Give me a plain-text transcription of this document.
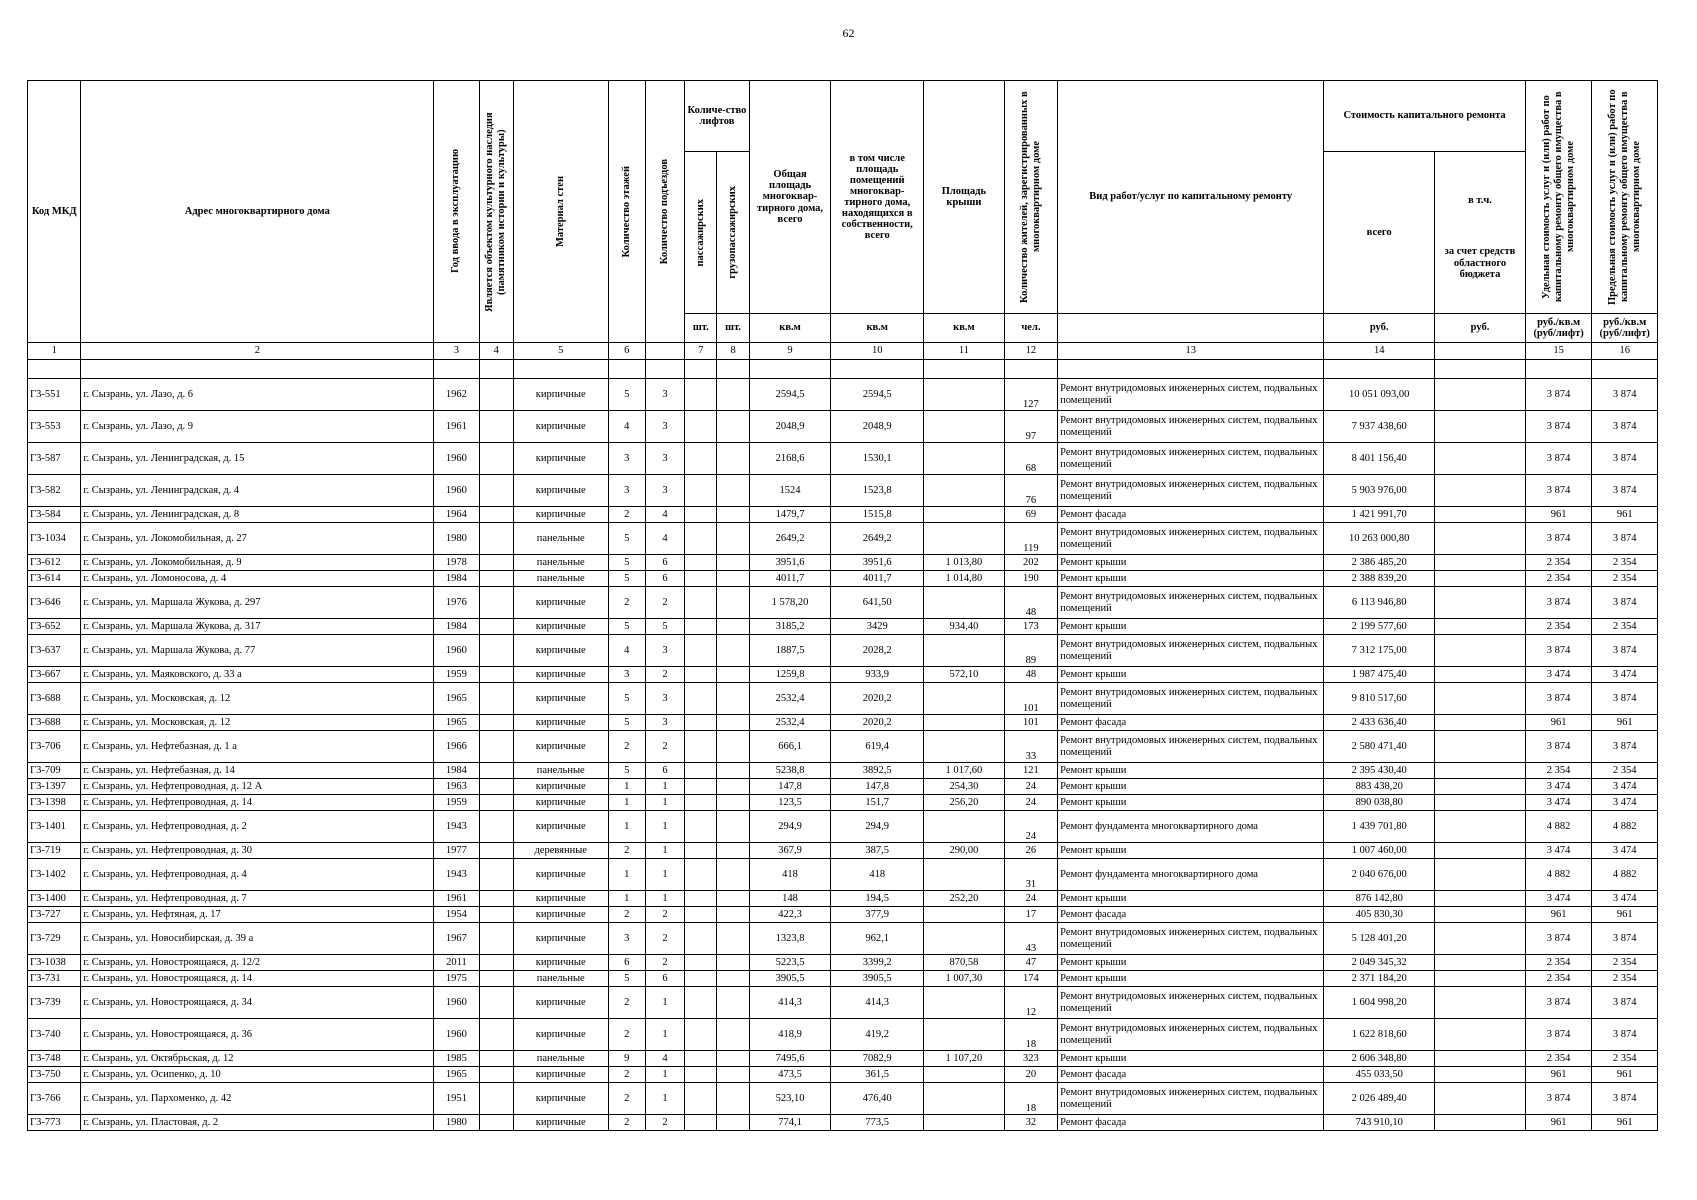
62
Код МКД	Адрес многоквартирного дома	Год ввода в эксплуатацию	Является объектом культурного наследия (памятником истории и культуры)	Материал стен	Количество этажей	Количество подъездов	Количе-ство лифтов		Общая площадь многоквар-тирного дома, всего	в том числе площадь помещений многоквар-тирного дома, находящихся в собственности, всего	Площадь крыши	Количество жителей, зарегистрированных в многоквартирном доме	Вид работ/услуг по капитальному ремонту	Стоимость капитального ремонта		Удельная стоимость услуг и (или) работ по капитальному ремонту общего имущества в многоквартирном доме	Предельная стоимость услуг и (или) работ по капитальному ремонту общего имущества в многоквартирном доме

							пассажирских	грузопассажирских						всего	в т.ч.
за счет средств областного бюджета		

							шт.	шт.	кв.м	кв.м	кв.м	чел.		руб.	руб.	руб./кв.м (руб/лифт)	руб./кв.м (руб/лифт)
1	2	3	4	5	6		7	8	9	10	11	12	13	14		15	16

Г3-551	г. Сызрань, ул. Лазо, д. 6	1962		кирпичные	5	3			2594,5	2594,5		127	Ремонт внутридомовых инженерных систем, подвальных помещений	10 051 093,00		3 874	3 874
Г3-553	г. Сызрань, ул. Лазо, д. 9	1961		кирпичные	4	3			2048,9	2048,9		97	Ремонт внутридомовых инженерных систем, подвальных помещений	7 937 438,60		3 874	3 874
Г3-587	г. Сызрань, ул. Ленинградская, д. 15	1960		кирпичные	3	3			2168,6	1530,1		68	Ремонт внутридомовых инженерных систем, подвальных помещений	8 401 156,40		3 874	3 874
Г3-582	г. Сызрань, ул. Ленинградская, д. 4	1960		кирпичные	3	3			1524	1523,8		76	Ремонт внутридомовых инженерных систем, подвальных помещений	5 903 976,00		3 874	3 874
Г3-584	г. Сызрань, ул. Ленинградская, д. 8	1964		кирпичные	2	4			1479,7	1515,8		69	Ремонт фасада	1 421 991,70		961	961
Г3-1034	г. Сызрань, ул. Локомобильная, д. 27	1980		панельные	5	4			2649,2	2649,2		119	Ремонт внутридомовых инженерных систем, подвальных помещений	10 263 000,80		3 874	3 874
Г3-612	г. Сызрань, ул. Локомобильная, д. 9	1978		панельные	5	6			3951,6	3951,6	1 013,80	202	Ремонт крыши	2 386 485,20		2 354	2 354
Г3-614	г. Сызрань, ул. Ломоносова, д. 4	1984		панельные	5	6			4011,7	4011,7	1 014,80	190	Ремонт крыши	2 388 839,20		2 354	2 354
Г3-646	г. Сызрань, ул. Маршала Жукова, д. 297	1976		кирпичные	2	2			1 578,20	641,50		48	Ремонт внутридомовых инженерных систем, подвальных помещений	6 113 946,80		3 874	3 874
Г3-652	г. Сызрань, ул. Маршала Жукова, д. 317	1984		кирпичные	5	5			3185,2	3429	934,40	173	Ремонт крыши	2 199 577,60		2 354	2 354
Г3-637	г. Сызрань, ул. Маршала Жукова, д. 77	1960		кирпичные	4	3			1887,5	2028,2		89	Ремонт внутридомовых инженерных систем, подвальных помещений	7 312 175,00		3 874	3 874
Г3-667	г. Сызрань, ул. Маяковского, д. 33 а	1959		кирпичные	3	2			1259,8	933,9	572,10	48	Ремонт крыши	1 987 475,40		3 474	3 474
Г3-688	г. Сызрань, ул. Московская, д. 12	1965		кирпичные	5	3			2532,4	2020,2		101	Ремонт внутридомовых инженерных систем, подвальных помещений	9 810 517,60		3 874	3 874
Г3-688	г. Сызрань, ул. Московская, д. 12	1965		кирпичные	5	3			2532,4	2020,2		101	Ремонт фасада	2 433 636,40		961	961
Г3-706	г. Сызрань, ул. Нефтебазная, д. 1 а	1966		кирпичные	2	2			666,1	619,4		33	Ремонт внутридомовых инженерных систем, подвальных помещений	2 580 471,40		3 874	3 874
Г3-709	г. Сызрань, ул. Нефтебазная, д. 14	1984		панельные	5	6			5238,8	3892,5	1 017,60	121	Ремонт крыши	2 395 430,40		2 354	2 354
Г3-1397	г. Сызрань, ул. Нефтепроводная, д. 12 А	1963		кирпичные	1	1			147,8	147,8	254,30	24	Ремонт крыши	883 438,20		3 474	3 474
Г3-1398	г. Сызрань, ул. Нефтепроводная, д. 14	1959		кирпичные	1	1			123,5	151,7	256,20	24	Ремонт крыши	890 038,80		3 474	3 474
Г3-1401	г. Сызрань, ул. Нефтепроводная, д. 2	1943		кирпичные	1	1			294,9	294,9		24	Ремонт фундамента многоквартирного дома	1 439 701,80		4 882	4 882
Г3-719	г. Сызрань, ул. Нефтепроводная, д. 30	1977		деревянные	2	1			367,9	387,5	290,00	26	Ремонт крыши	1 007 460,00		3 474	3 474
Г3-1402	г. Сызрань, ул. Нефтепроводная, д. 4	1943		кирпичные	1	1			418	418		31	Ремонт фундамента многоквартирного дома	2 040 676,00		4 882	4 882
Г3-1400	г. Сызрань, ул. Нефтепроводная, д. 7	1961		кирпичные	1	1			148	194,5	252,20	24	Ремонт крыши	876 142,80		3 474	3 474
Г3-727	г. Сызрань, ул. Нефтяная, д. 17	1954		кирпичные	2	2			422,3	377,9		17	Ремонт фасада	405 830,30		961	961
Г3-729	г. Сызрань, ул. Новосибирская, д. 39 а	1967		кирпичные	3	2			1323,8	962,1		43	Ремонт внутридомовых инженерных систем, подвальных помещений	5 128 401,20		3 874	3 874
Г3-1038	г. Сызрань, ул. Новостроящаяся, д. 12/2	2011		кирпичные	6	2			5223,5	3399,2	870,58	47	Ремонт крыши	2 049 345,32		2 354	2 354
Г3-731	г. Сызрань, ул. Новостроящаяся, д. 14	1975		панельные	5	6			3905,5	3905,5	1 007,30	174	Ремонт крыши	2 371 184,20		2 354	2 354
Г3-739	г. Сызрань, ул. Новостроящаяся, д. 34	1960		кирпичные	2	1			414,3	414,3		12	Ремонт внутридомовых инженерных систем, подвальных помещений	1 604 998,20		3 874	3 874
Г3-740	г. Сызрань, ул. Новостроящаяся, д. 36	1960		кирпичные	2	1			418,9	419,2		18	Ремонт внутридомовых инженерных систем, подвальных помещений	1 622 818,60		3 874	3 874
Г3-748	г. Сызрань, ул. Октябрьская, д. 12	1985		панельные	9	4			7495,6	7082,9	1 107,20	323	Ремонт крыши	2 606 348,80		2 354	2 354
Г3-750	г. Сызрань, ул. Осипенко, д. 10	1965		кирпичные	2	1			473,5	361,5		20	Ремонт фасада	455 033,50		961	961
Г3-766	г. Сызрань, ул. Пархоменко, д. 42	1951		кирпичные	2	1			523,10	476,40		18	Ремонт внутридомовых инженерных систем, подвальных помещений	2 026 489,40		3 874	3 874
Г3-773	г. Сызрань, ул. Пластовая, д. 2	1980		кирпичные	2	2			774,1	773,5		32	Ремонт фасада	743 910,10		961	961
